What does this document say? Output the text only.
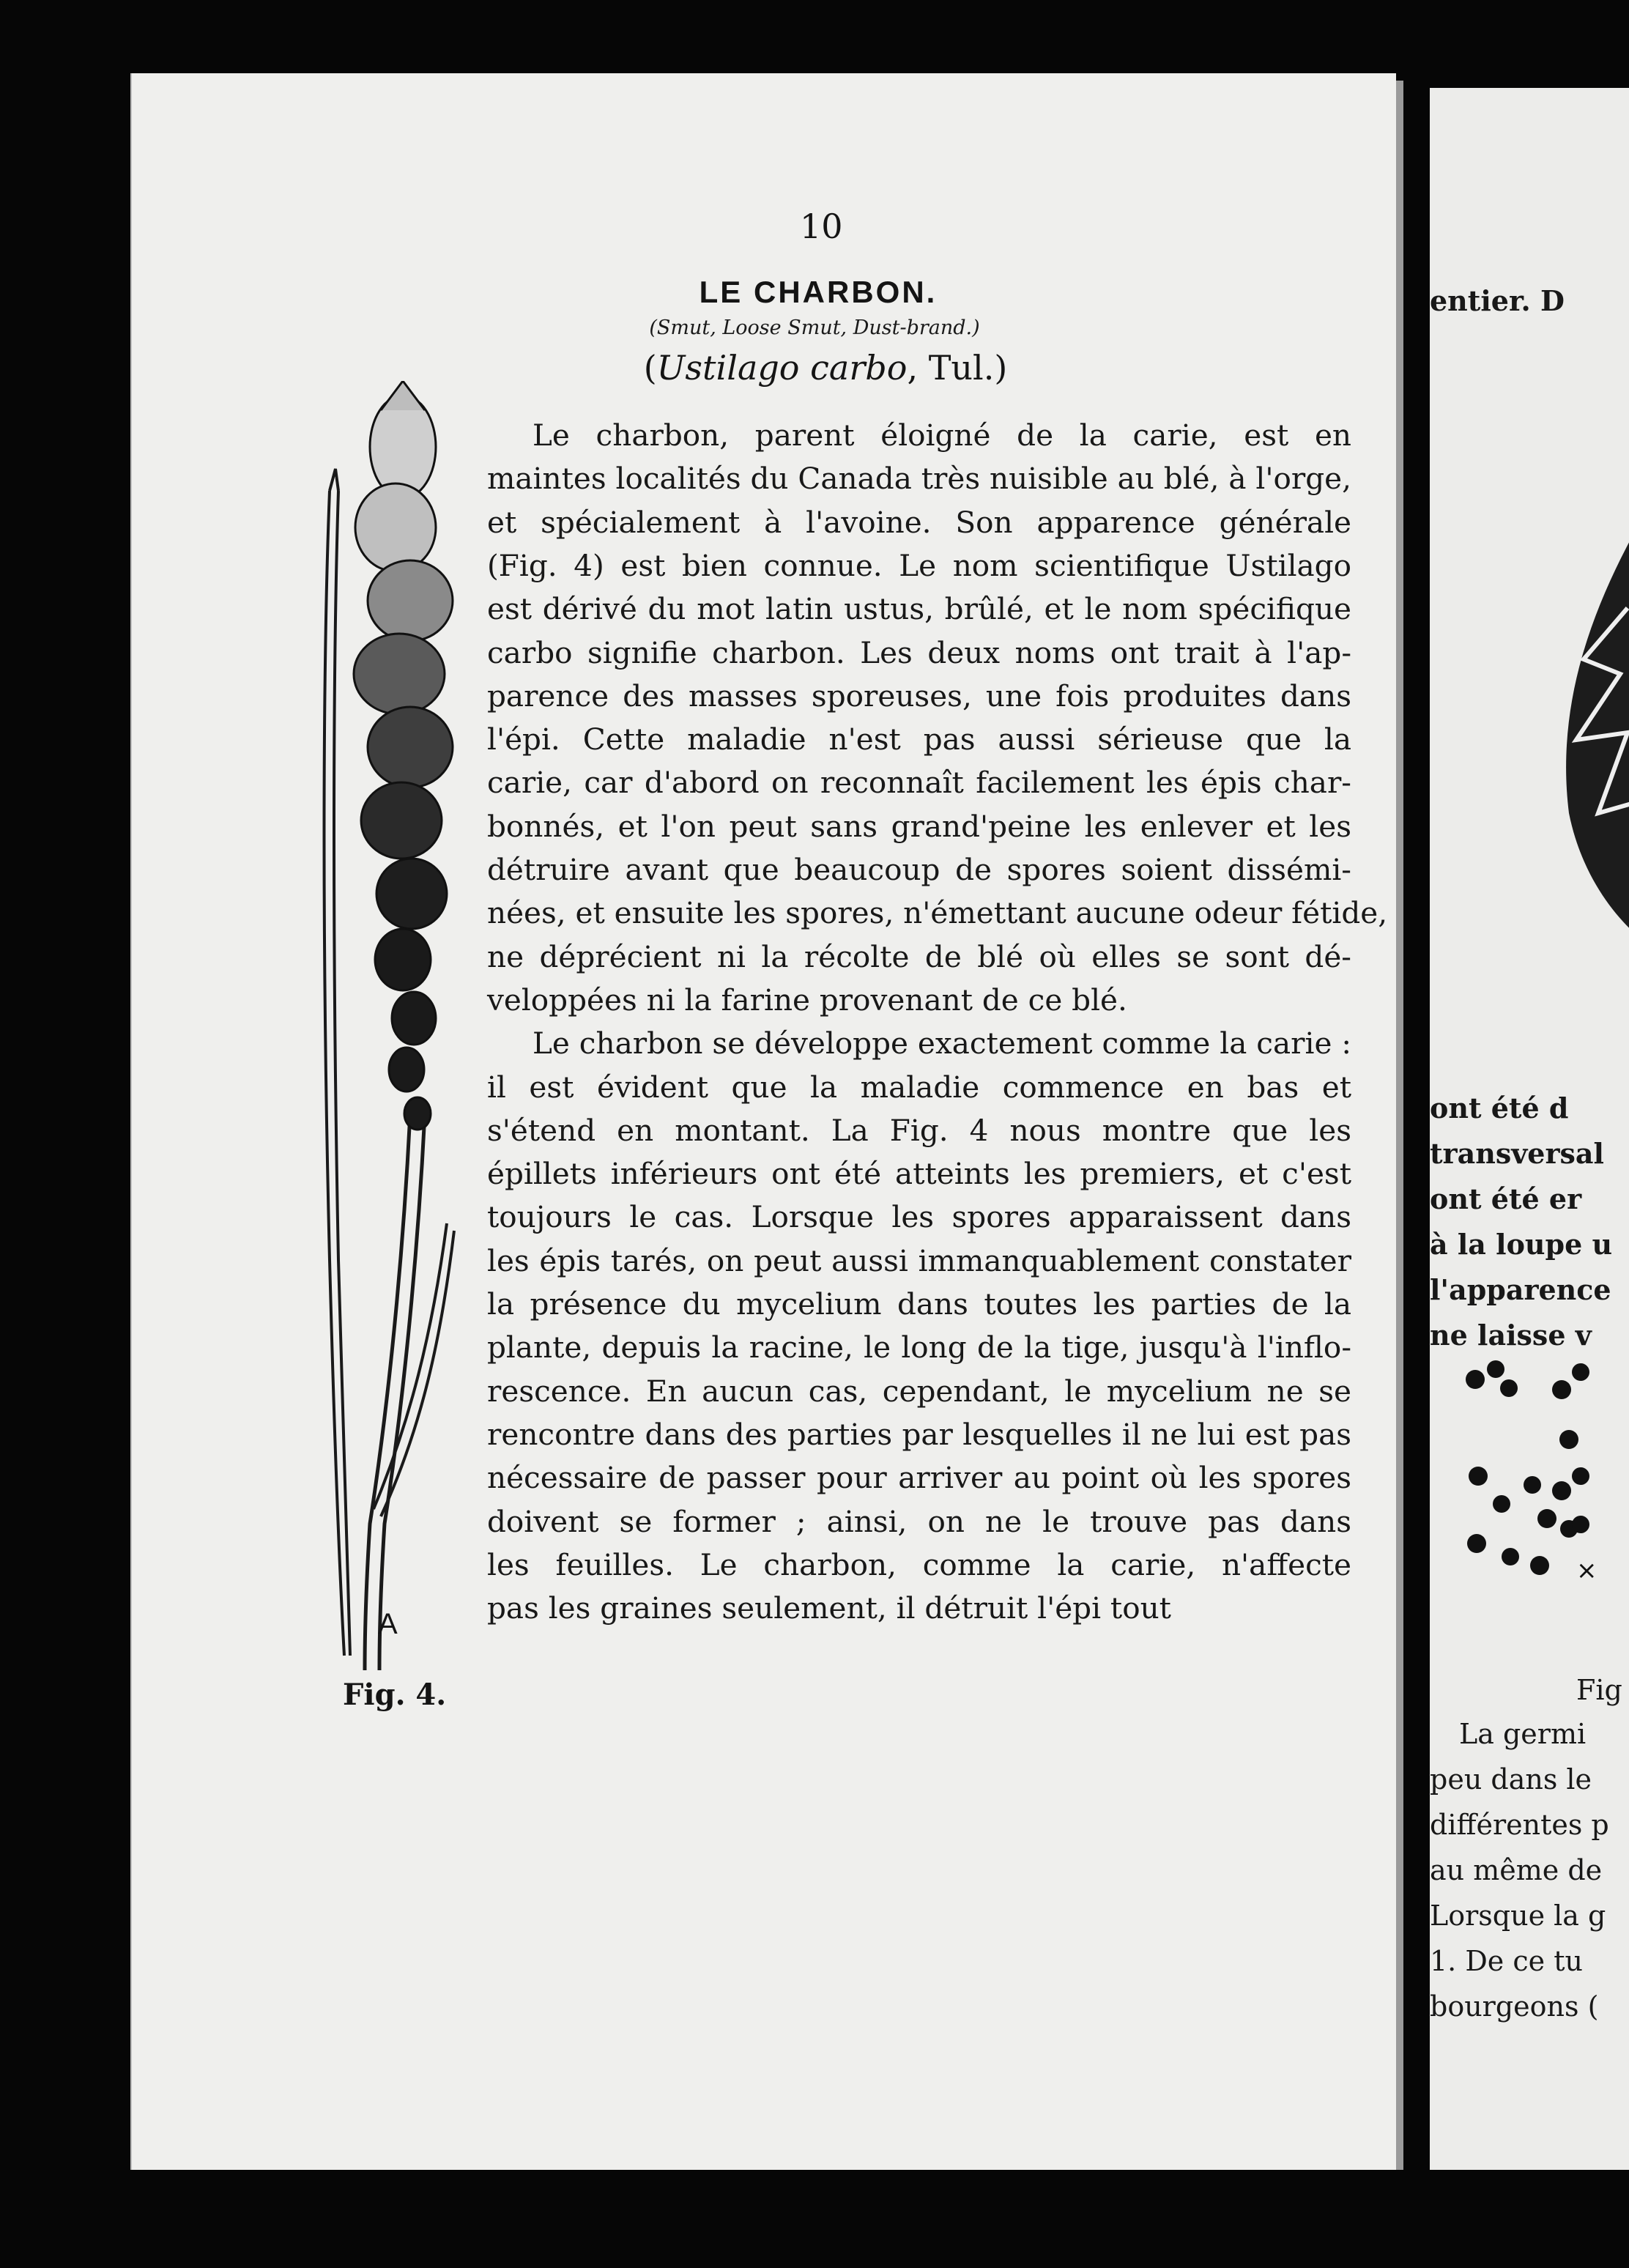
10
LE CHARBON.
(Smut, Loose Smut, Dust-brand.)
(Ustilago carbo, Tul.)
A
Fig. 4.
Le charbon, parent éloigné de la carie, est en
maintes localités du Canada très nuisible au blé, à l'orge,
et spécialement à l'avoine. Son apparence générale
(Fig. 4) est bien connue. Le nom scientifique Ustilago
est dérivé du mot latin ustus, brûlé, et le nom spécifique
carbo signifie charbon. Les deux noms ont trait à l'ap-
parence des masses sporeuses, une fois produites dans
l'épi. Cette maladie n'est pas aussi sérieuse que la
carie, car d'abord on reconnaît facilement les épis char-
bonnés, et l'on peut sans grand'peine les enlever et les
détruire avant que beaucoup de spores soient dissémi-
nées, et ensuite les spores, n'émettant aucune odeur fétide,
ne déprécient ni la récolte de blé où elles se sont dé-
veloppées ni la farine provenant de ce blé.
Le charbon se développe exactement comme la carie :
il est évident que la maladie commence en bas et
s'étend en montant. La Fig. 4 nous montre que les
épillets inférieurs ont été atteints les premiers, et c'est
toujours le cas. Lorsque les spores apparaissent dans
les épis tarés, on peut aussi immanquablement constater
la présence du mycelium dans toutes les parties de la
plante, depuis la racine, le long de la tige, jusqu'à l'inflo-
rescence. En aucun cas, cependant, le mycelium ne se
rencontre dans des parties par lesquelles il ne lui est pas
nécessaire de passer pour arriver au point où les spores
doivent se former ; ainsi, on ne le trouve pas dans
les feuilles. Le charbon, comme la carie, n'affecte
pas les graines seulement, il détruit l'épi tout
entier. D
ont été d
transversal
ont été er
à la loupe u
l'apparence
ne laisse v
×
Fig
La germi
peu dans le
différentes p
au même de
Lorsque la g
1. De ce tu
bourgeons (
